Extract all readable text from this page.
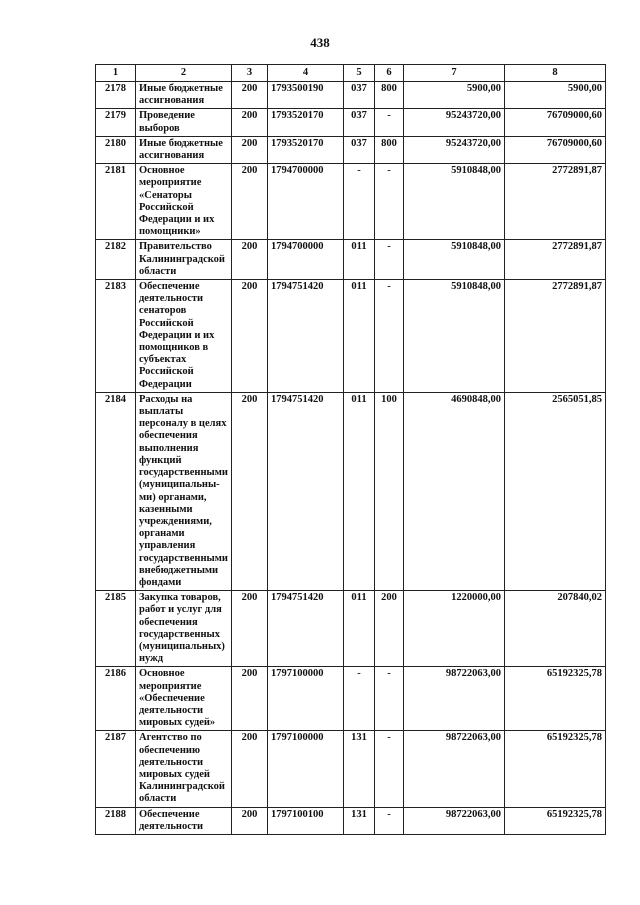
438
1	2	3	4	5	6	7	8
2178	Иные бюджетные ассигнования	200	1793500190	037	800	5900,00	5900,00
2179	Проведение выборов	200	1793520170	037	-	95243720,00	76709000,60
2180	Иные бюджетные ассигнования	200	1793520170	037	800	95243720,00	76709000,60
2181	Основное мероприятие «Сенаторы Российской Федерации и их помощники»	200	1794700000	-	-	5910848,00	2772891,87
2182	Правительство Калининградской области	200	1794700000	011	-	5910848,00	2772891,87
2183	Обеспечение деятельности сенаторов Российской Федерации и их помощников в субъектах Российской Федерации	200	1794751420	011	-	5910848,00	2772891,87
2184	Расходы на выплаты персоналу в целях обеспечения выполнения функций государственными (муниципальны-ми) органами, казенными учреждениями, органами управления государственными внебюджетными фондами	200	1794751420	011	100	4690848,00	2565051,85
2185	Закупка товаров, работ и услуг для обеспечения государственных (муниципальных) нужд	200	1794751420	011	200	1220000,00	207840,02
2186	Основное мероприятие «Обеспечение деятельности мировых судей»	200	1797100000	-	-	98722063,00	65192325,78
2187	Агентство по обеспечению деятельности мировых судей Калининградской области	200	1797100000	131	-	98722063,00	65192325,78
2188	Обеспечение деятельности	200	1797100100	131	-	98722063,00	65192325,78
